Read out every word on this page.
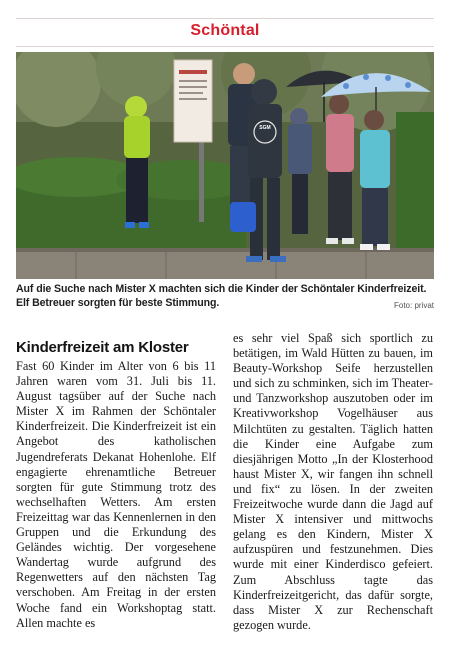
Schöntal
SGM
Auf die Suche nach Mister X machten sich die Kinder der Schöntaler Kinderfreizeit. Elf Betreuer sorgten für beste Stimmung.	Foto: privat
Kinderfreizeit am Kloster

Fast 60 Kinder im Alter von 6 bis 11 Jahren waren vom 31. Juli bis 11. August tagsüber auf der Suche nach Mister X im Rahmen der Schöntaler Kinderfreizeit. Die Kinderfreizeit ist ein Angebot des katholischen Jugendreferats Dekanat Hohenlohe. Elf engagierte ehrenamtliche Betreuer sorgten für gute Stimmung trotz des wechselhaften Wetters. Am ersten Freizeittag war das Kennenlernen in den Gruppen und die Erkundung des Geländes wichtig. Der vorgesehene Wandertag wurde aufgrund des Regenwetters auf den nächsten Tag verschoben. Am Freitag in der ersten Woche fand ein Workshoptag statt. Allen machte es

es sehr viel Spaß sich sportlich zu betätigen, im Wald Hütten zu bauen, im Beauty-Workshop Seife herzustellen und sich zu schminken, sich im Theater- und Tanzworkshop auszutoben oder im Kreativworkshop Vogelhäuser aus Milchtüten zu gestalten. Täglich hatten die Kinder eine Aufgabe zum diesjährigen Motto „In der Klosterhood haust Mister X, wir fangen ihn schnell und fix“ zu lösen. In der zweiten Freizeitwoche wurde dann die Jagd auf Mister X intensiver und mittwochs gelang es den Kindern, Mister X aufzuspüren und festzunehmen. Dies wurde mit einer Kinderdisco gefeiert. Zum Abschluss tagte das Kinderfreizeitgericht, das dafür sorgte, dass Mister X zur Rechenschaft gezogen wurde.
